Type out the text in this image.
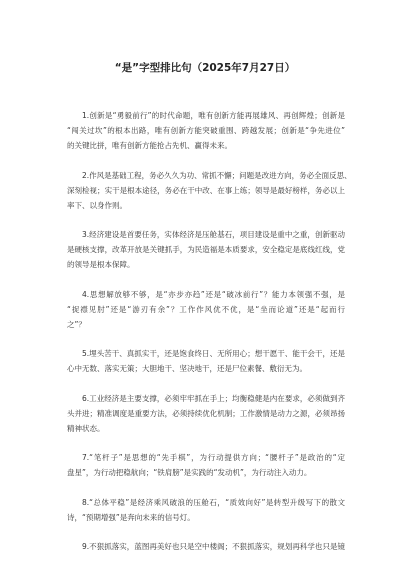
“是”字型排比句（2025年7月27日）
1.创新是“勇毅前行”的时代命题，唯有创新方能再展雄风、再创辉煌；创新是
“闯关过坎”的根本出路，唯有创新方能突破重围、跨越发展；创新是“争先进位”
的关键比拼，唯有创新方能抢占先机、赢得未来。
2.作风是基础工程，务必久久为功、常抓不懈；问题是改进方向，务必全面反思、
深刻检视；实干是根本途径，务必在干中改、在事上练；领导是最好榜样，务必以上
率下、以身作则。
3.经济建设是首要任务，实体经济是压舱基石，项目建设是重中之重，创新驱动
是硬核支撑，改革开放是关键抓手，为民造福是本质要求，安全稳定是底线红线，党
的领导是根本保障。
4.思想解放够不够，是“亦步亦趋”还是“破冰前行”？能力本领强不强，是
“捉襟见肘”还是“游刃有余”？工作作风优不优，是“坐而论道”还是“起而行
之”？
5.埋头苦干、真抓实干，还是饱食终日、无所用心；想干愿干、能干会干，还是
心中无数、落实无策；大胆地干、坚决地干，还是尸位素餐、敷衍无为。
6.工业经济是主要支撑，必须牢牢抓在手上；均衡稳健是内在要求，必须做到齐
头并进；精准调度是重要方法，必须持续优化机制；工作激情是动力之源，必须昂扬
精神状态。
7.“笔杆子”是思想的“先手棋”，为行动提供方向；“腰杆子”是政治的“定
盘星”，为行动把稳航向；“铁肩膀”是实践的“发动机”，为行动注入动力。
8.“总体平稳”是经济乘风破浪的压舱石，“质效向好”是转型升级写下的散文
诗，“预期增强”是奔向未来的信号灯。
9.不狠抓落实，蓝图再美好也只是空中楼阁；不狠抓落实，规划再科学也只是镜
